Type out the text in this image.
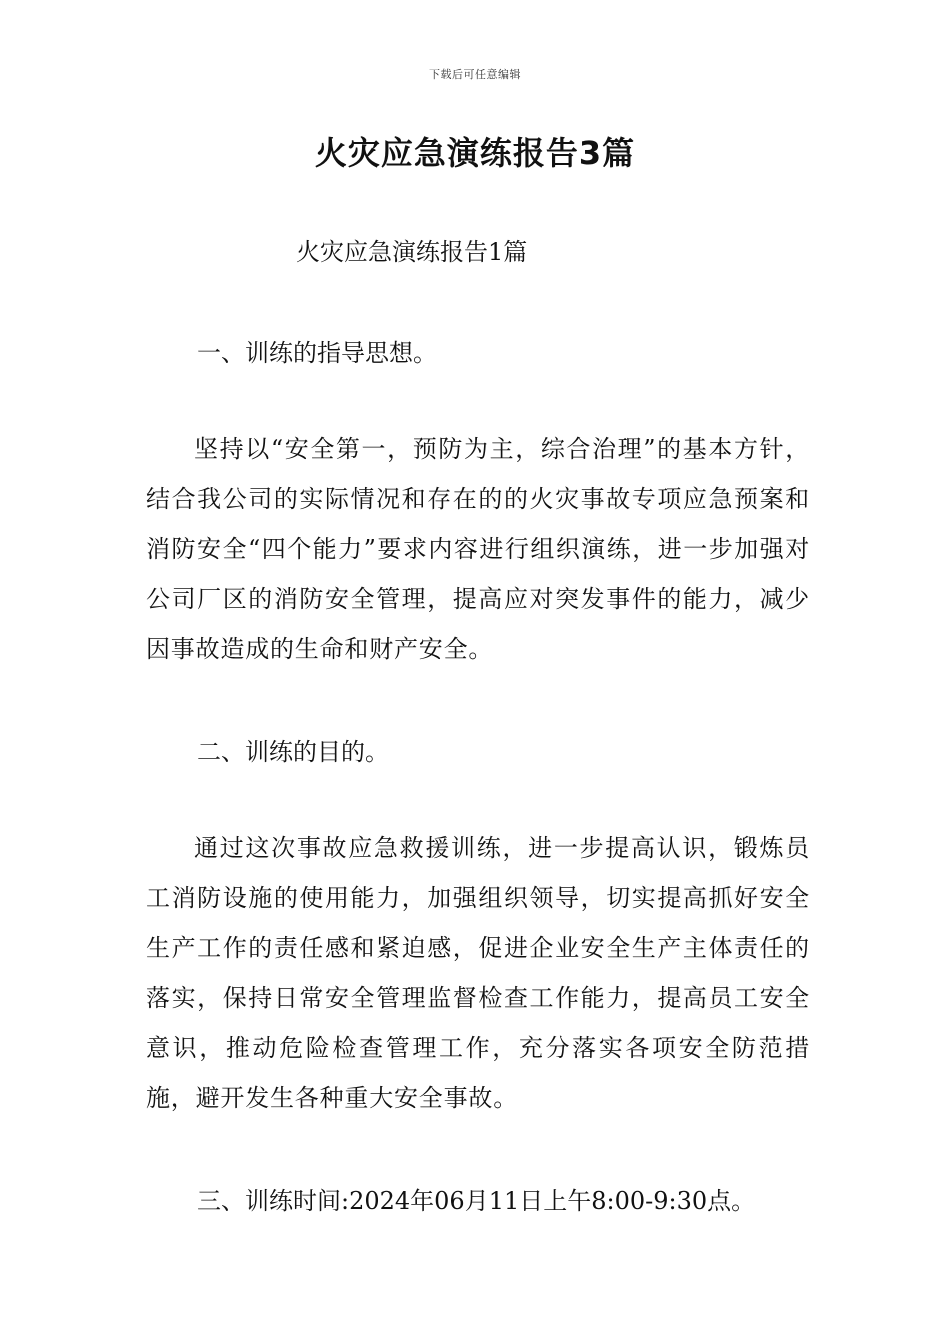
下载后可任意编辑
火灾应急演练报告3篇
火灾应急演练报告1篇
一、训练的指导思想。

坚持以“安全第一，预防为主，综合治理”的基本方针，结合我公司的实际情况和存在的的火灾事故专项应急预案和消防安全“四个能力”要求内容进行组织演练，进一步加强对公司厂区的消防安全管理，提高应对突发事件的能力，减少因事故造成的生命和财产安全。

二、训练的目的。

通过这次事故应急救援训练，进一步提高认识，锻炼员工消防设施的使用能力，加强组织领导，切实提高抓好安全生产工作的责任感和紧迫感，促进企业安全生产主体责任的落实，保持日常安全管理监督检查工作能力，提高员工安全意识，推动危险检查管理工作，充分落实各项安全防范措施，避开发生各种重大安全事故。

三、训练时间:2024年06月11日上午8:00-9:30点。
